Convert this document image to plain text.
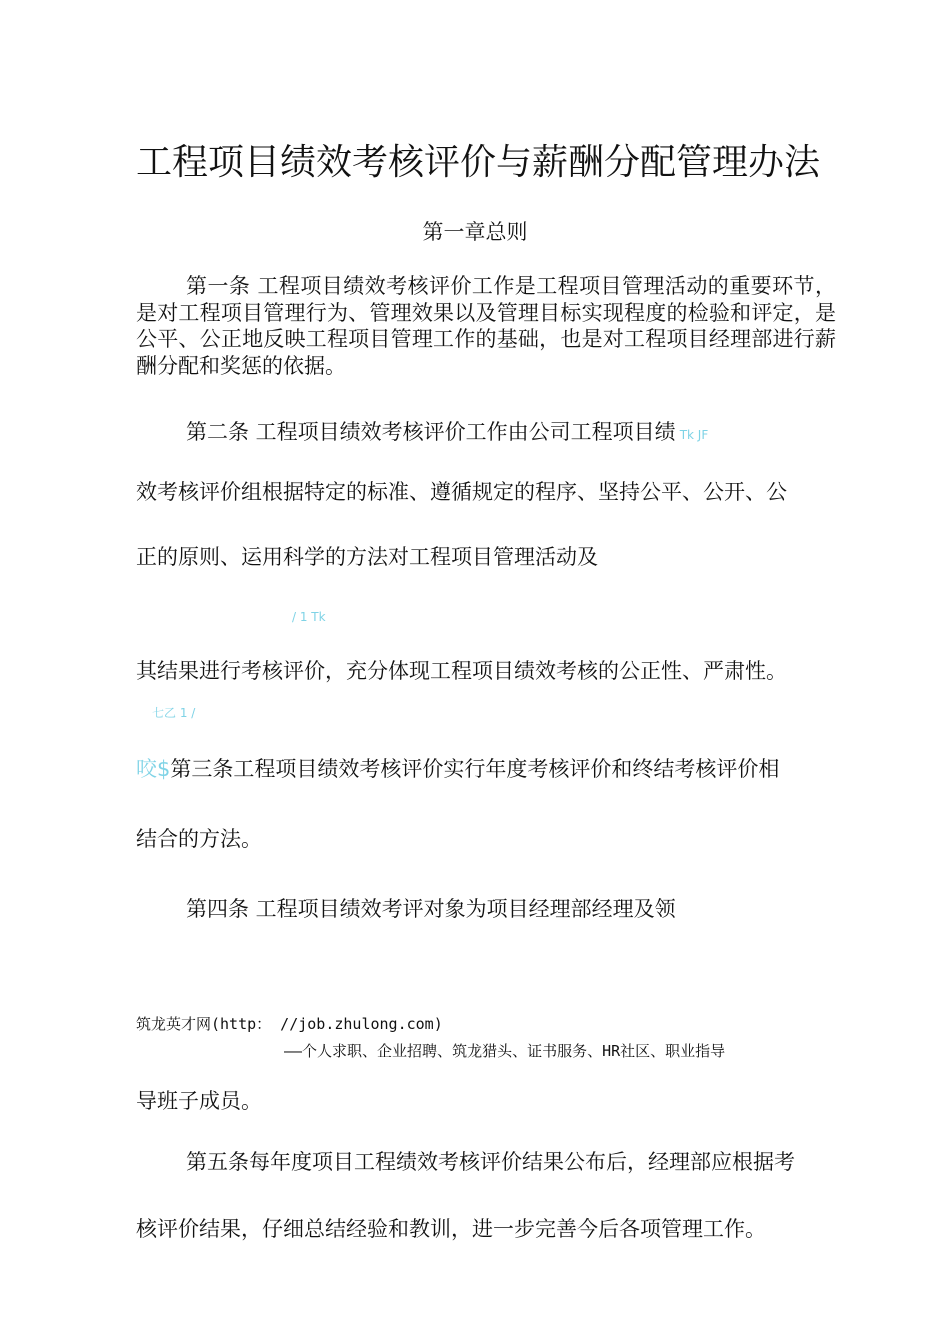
工程项目绩效考核评价与薪酬分配管理办法
第一章总则
第一条 工程项目绩效考核评价工作是工程项目管理活动的重要环节，是对工程项目管理行为、管理效果以及管理目标实现程度的检验和评定，是公平、公正地反映工程项目管理工作的基础，也是对工程项目经理部进行薪酬分配和奖惩的依据。
第二条 工程项目绩效考核评价工作由公司工程项目绩 Tk JF
效考核评价组根据特定的标准、遵循规定的程序、坚持公平、公开、公
正的原则、运用科学的方法对工程项目管理活动及
/ 1 Tk
其结果进行考核评价，充分体现工程项目绩效考核的公正性、严肃性。
七乙 1 /
咬$第三条工程项目绩效考核评价实行年度考核评价和终结考核评价相
结合的方法。
第四条 工程项目绩效考评对象为项目经理部经理及领
筑龙英才网(http： //job.zhulong.com)
——个人求职、企业招聘、筑龙猎头、证书服务、HR社区、职业指导
导班子成员。
第五条每年度项目工程绩效考核评价结果公布后，经理部应根据考
核评价结果，仔细总结经验和教训，进一步完善今后各项管理工作。
